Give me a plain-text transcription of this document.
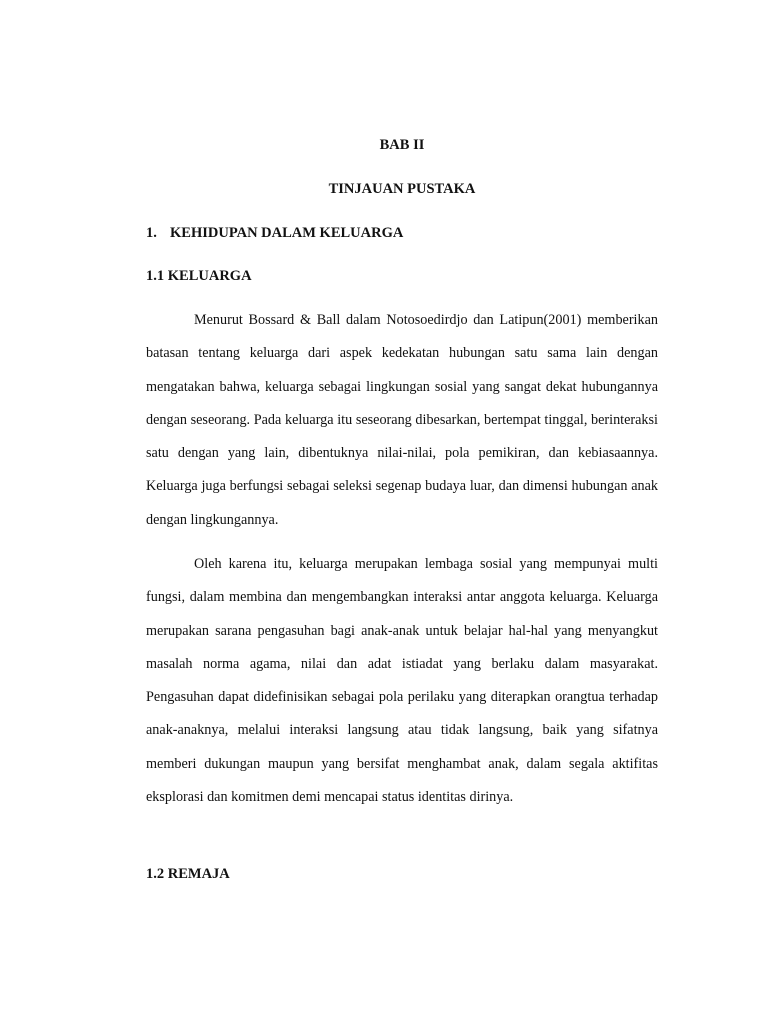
BAB II

TINJAUAN PUSTAKA

1. KEHIDUPAN DALAM KELUARGA

1.1 KELUARGA

Menurut Bossard & Ball dalam Notosoedirdjo dan Latipun(2001) memberikan batasan tentang keluarga dari aspek kedekatan hubungan satu sama lain dengan mengatakan bahwa, keluarga sebagai lingkungan sosial yang sangat dekat hubungannya dengan seseorang. Pada keluarga itu seseorang dibesarkan, bertempat tinggal, berinteraksi satu dengan yang lain, dibentuknya nilai-nilai, pola pemikiran, dan kebiasaannya. Keluarga juga berfungsi sebagai seleksi segenap budaya luar, dan dimensi hubungan anak dengan lingkungannya.

Oleh karena itu, keluarga merupakan lembaga sosial yang mempunyai multi fungsi, dalam membina dan mengembangkan interaksi antar anggota keluarga. Keluarga merupakan sarana pengasuhan bagi anak-anak untuk belajar hal-hal yang menyangkut masalah norma agama, nilai dan adat istiadat yang berlaku dalam masyarakat. Pengasuhan dapat didefinisikan sebagai pola perilaku yang diterapkan orangtua terhadap anak-anaknya, melalui interaksi langsung atau tidak langsung, baik yang sifatnya memberi dukungan maupun yang bersifat menghambat anak, dalam segala aktifitas eksplorasi dan komitmen demi mencapai status identitas dirinya.

1.2 REMAJA
